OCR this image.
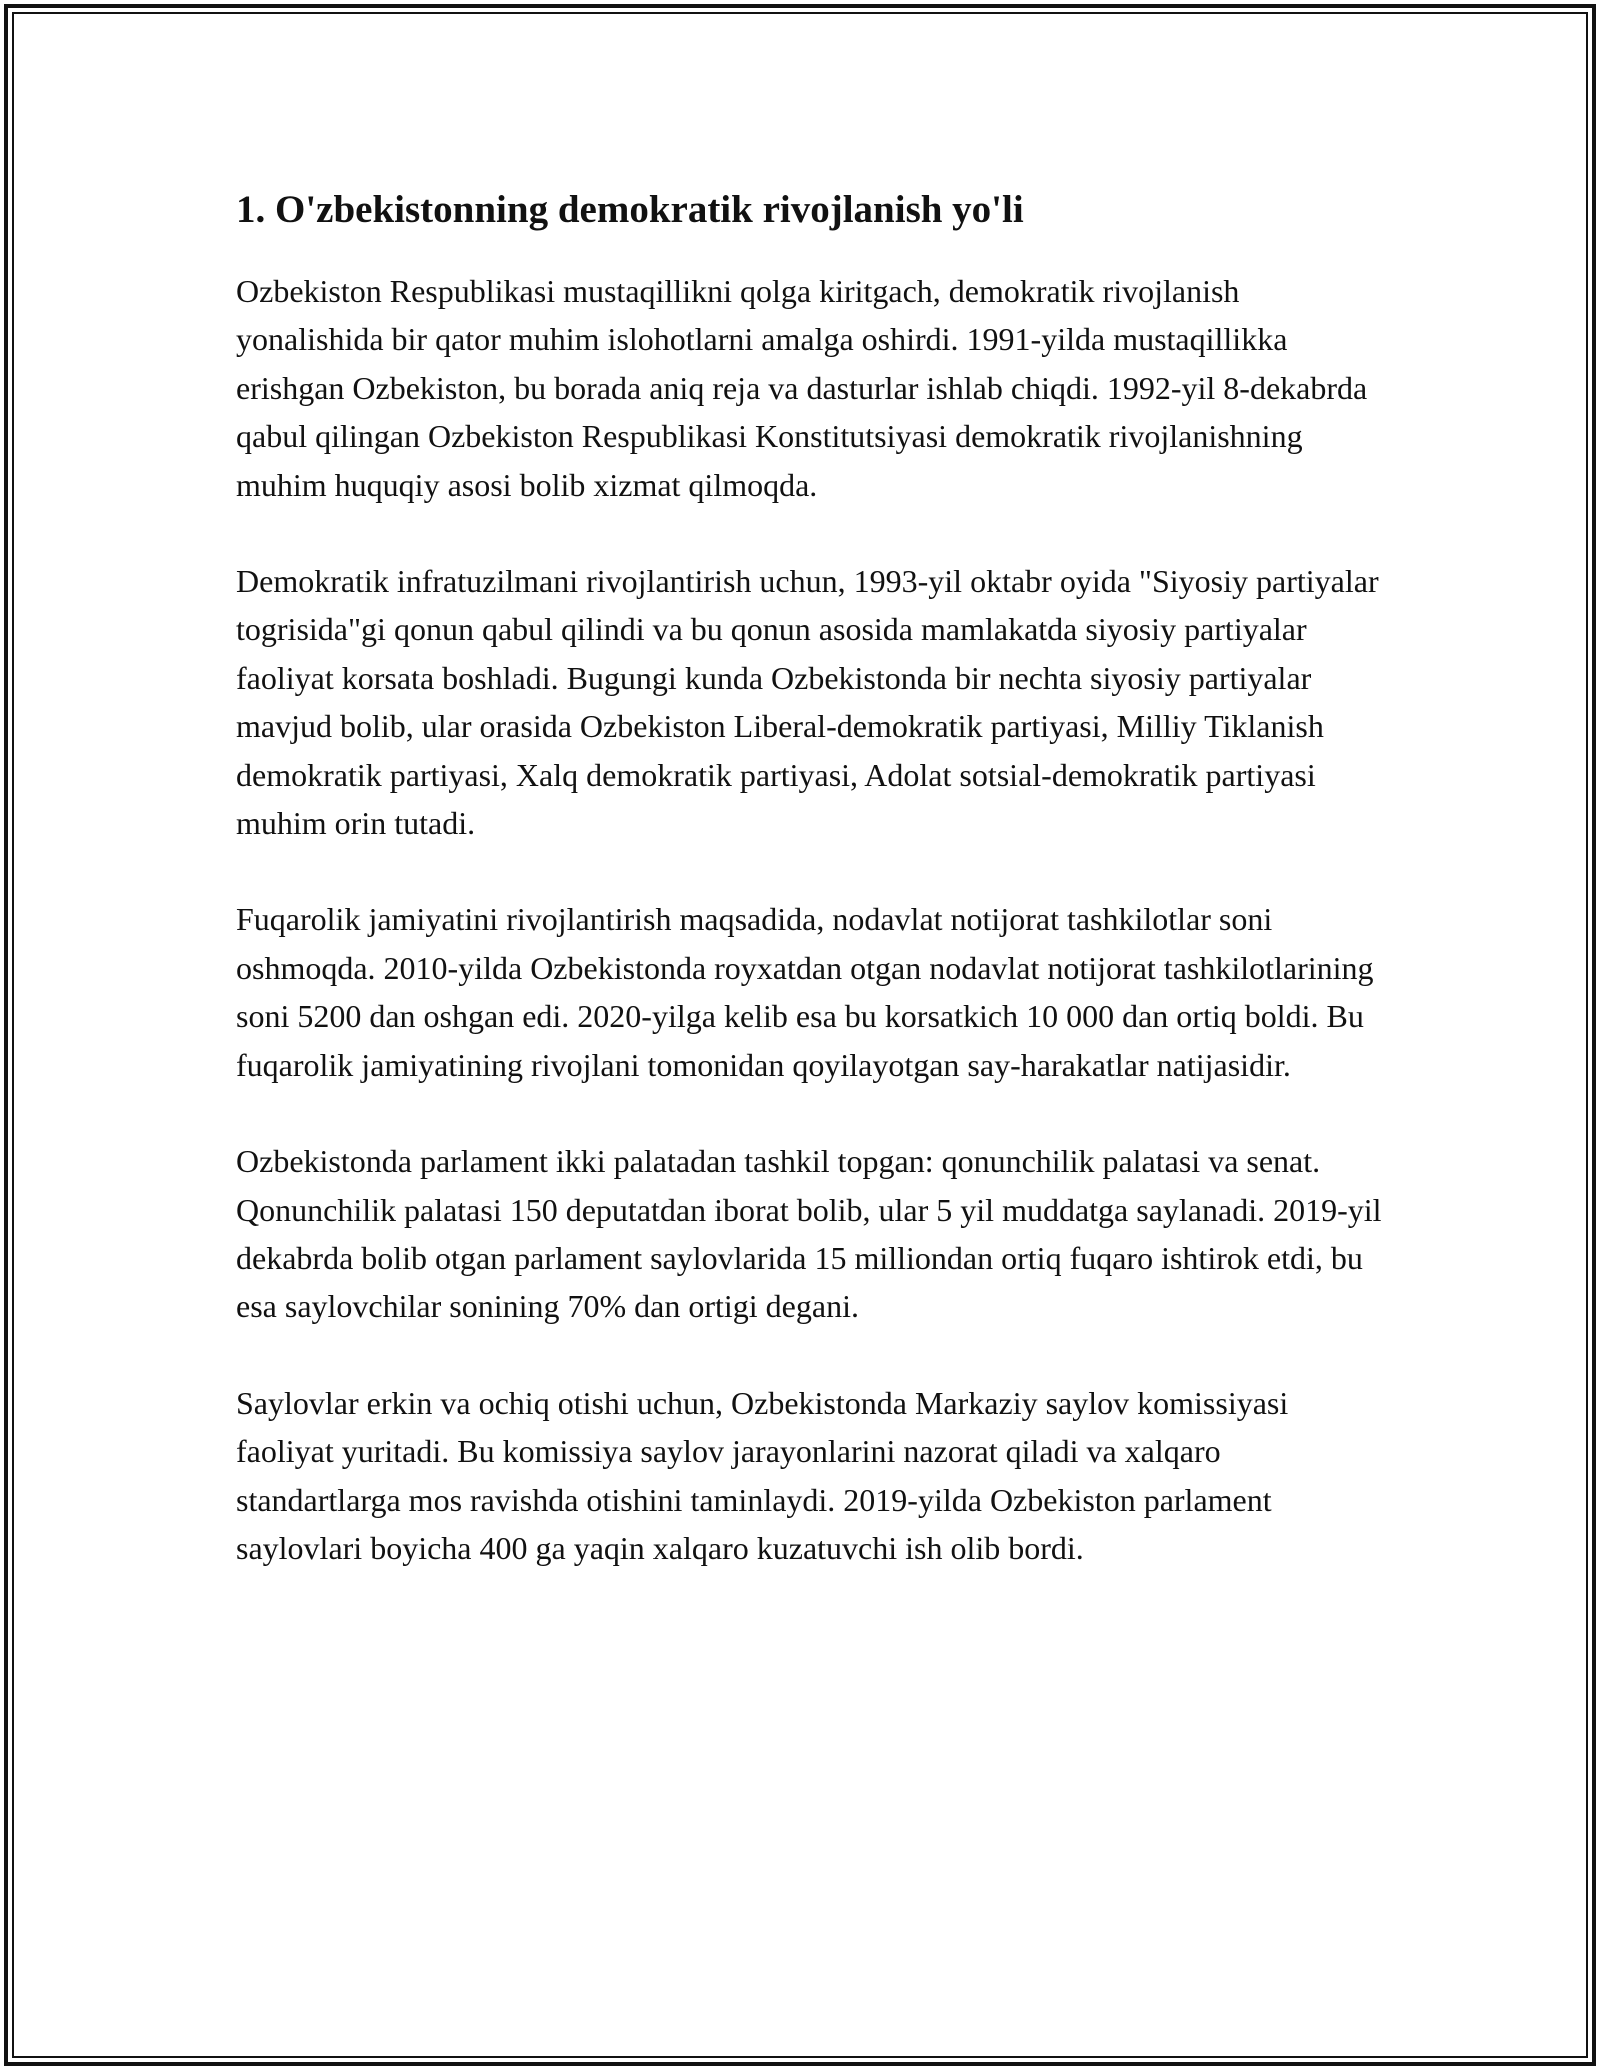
1. O'zbekistonning demokratik rivojlanish yo'li

Ozbekiston Respublikasi mustaqillikni qolga kiritgach, demokratik rivojlanish yonalishida bir qator muhim islohotlarni amalga oshirdi. 1991-yilda mustaqillikka erishgan Ozbekiston, bu borada aniq reja va dasturlar ishlab chiqdi. 1992-yil 8-dekabrda qabul qilingan Ozbekiston Respublikasi Konstitutsiyasi demokratik rivojlanishning muhim huquqiy asosi bolib xizmat qilmoqda.

Demokratik infratuzilmani rivojlantirish uchun, 1993-yil oktabr oyida "Siyosiy partiyalar togrisida"gi qonun qabul qilindi va bu qonun asosida mamlakatda siyosiy partiyalar faoliyat korsata boshladi. Bugungi kunda Ozbekistonda bir nechta siyosiy partiyalar mavjud bolib, ular orasida Ozbekiston Liberal-demokratik partiyasi, Milliy Tiklanish demokratik partiyasi, Xalq demokratik partiyasi, Adolat sotsial-demokratik partiyasi muhim orin tutadi.

Fuqarolik jamiyatini rivojlantirish maqsadida, nodavlat notijorat tashkilotlar soni oshmoqda. 2010-yilda Ozbekistonda royxatdan otgan nodavlat notijorat tashkilotlarining soni 5200 dan oshgan edi. 2020-yilga kelib esa bu korsatkich 10 000 dan ortiq boldi. Bu fuqarolik jamiyatining rivojlani tomonidan qoyilayotgan say-harakatlar natijasidir.

Ozbekistonda parlament ikki palatadan tashkil topgan: qonunchilik palatasi va senat. Qonunchilik palatasi 150 deputatdan iborat bolib, ular 5 yil muddatga saylanadi. 2019-yil dekabrda bolib otgan parlament saylovlarida 15 milliondan ortiq fuqaro ishtirok etdi, bu esa saylovchilar sonining 70% dan ortigi degani.

Saylovlar erkin va ochiq otishi uchun, Ozbekistonda Markaziy saylov komissiyasi faoliyat yuritadi. Bu komissiya saylov jarayonlarini nazorat qiladi va xalqaro standartlarga mos ravishda otishini taminlaydi. 2019-yilda Ozbekiston parlament saylovlari boyicha 400 ga yaqin xalqaro kuzatuvchi ish olib bordi.
